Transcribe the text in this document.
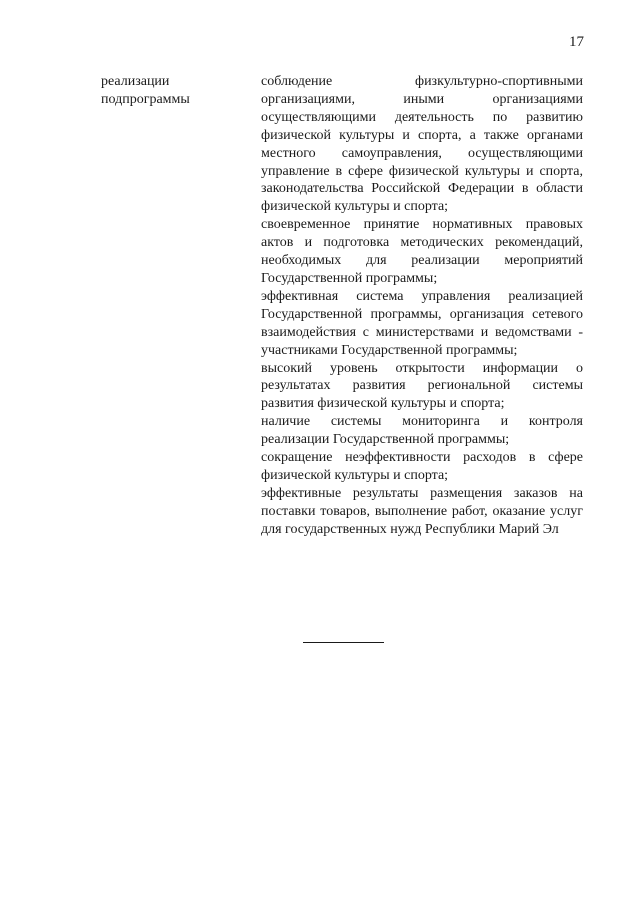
17
реализации
подпрограммы
соблюдение физкультурно-спортивными организациями, иными организациями осуществляющими деятельность по развитию физической культуры и спорта, а также органами местного самоуправления, осуществляющими управление в сфере физической культуры и спорта, законодательства Российской Федерации в области физической культуры и спорта;
своевременное принятие нормативных правовых актов и подготовка методических рекомендаций, необходимых для реализации мероприятий Государственной программы;
эффективная система управления реализацией Государственной программы, организация сетевого взаимодействия с министерствами и ведомствами - участниками Государственной программы;
высокий уровень открытости информации о результатах развития региональной системы развития физической культуры и спорта;
наличие системы мониторинга и контроля реализации Государственной программы;
сокращение неэффективности расходов в сфере физической культуры и спорта;
эффективные результаты размещения заказов на поставки товаров, выполнение работ, оказание услуг для государственных нужд Республики Марий Эл
